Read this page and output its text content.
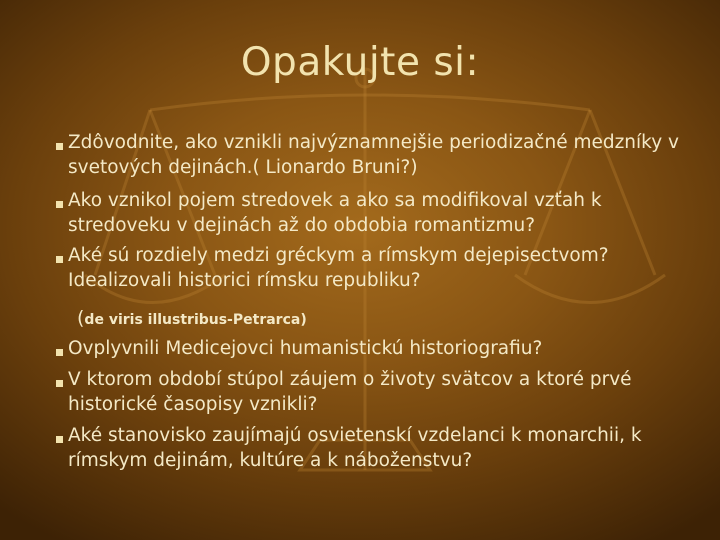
Opakujte si:
Zdôvodnite, ako vznikli najvýznamnejšie periodizačné medzníky v svetových dejinách.( Lionardo Bruni?)
Ako vznikol pojem stredovek a ako sa modifikoval vzťah k stredoveku v dejinách až do obdobia romantizmu?
Aké sú rozdiely medzi gréckym a rímskym dejepisectvom? Idealizovali historici rímsku republiku?
(de viris illustribus-Petrarca)
Ovplyvnili Medicejovci humanistickú historiografiu?
V ktorom období stúpol záujem o životy svätcov a ktoré prvé historické časopisy vznikli?
Aké stanovisko zaujímajú osvietenskí vzdelanci k monarchii, k rímskym dejinám, kultúre a k náboženstvu?
